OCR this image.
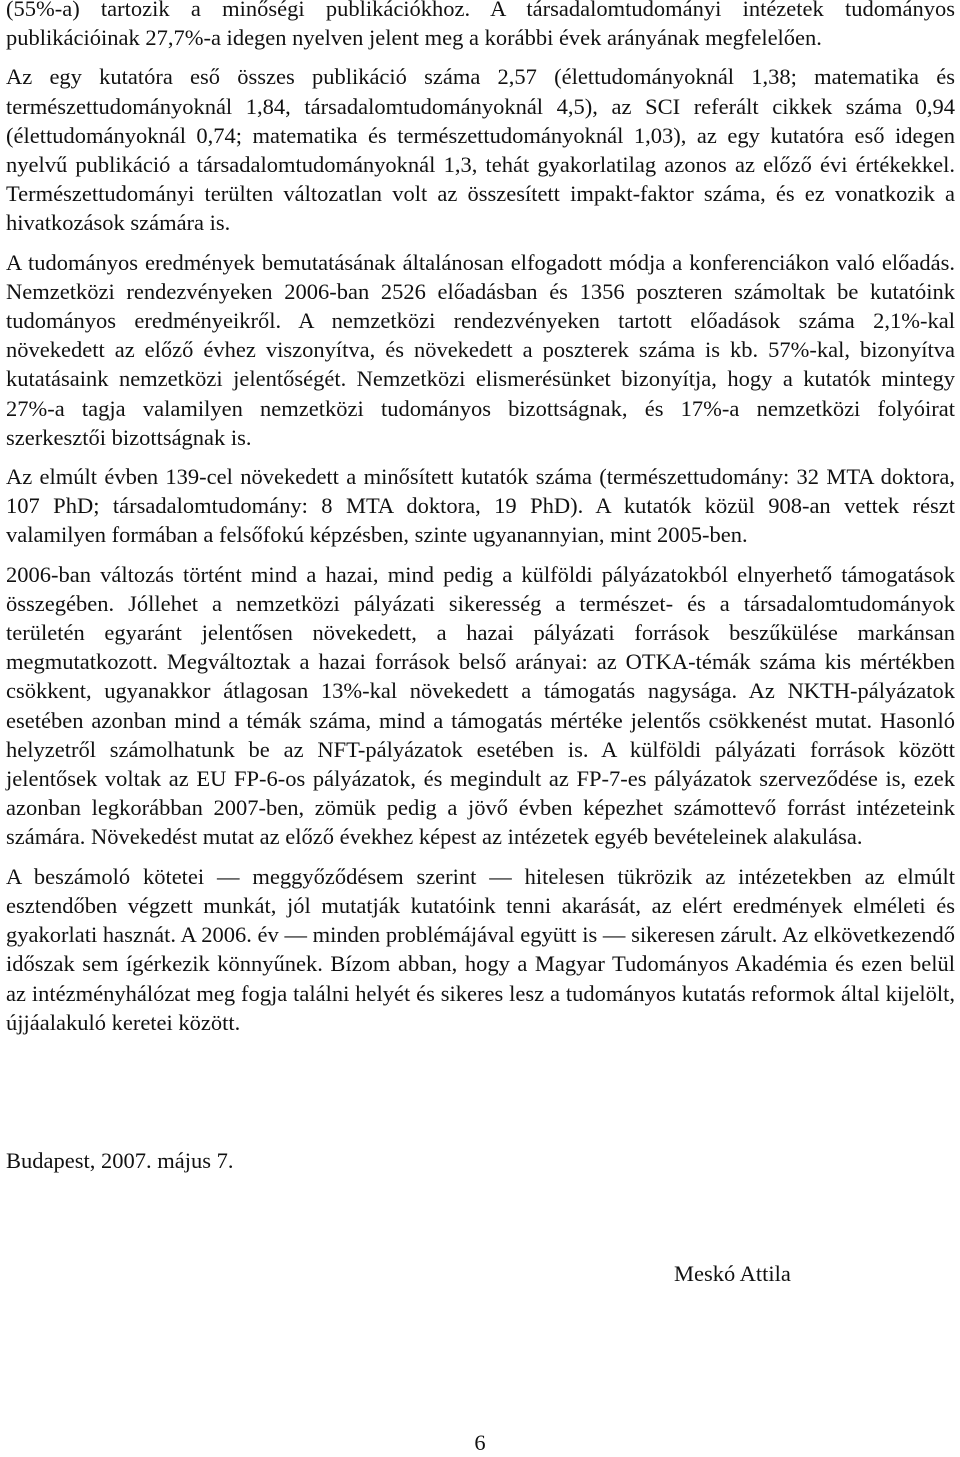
(55%-a) tartozik a minőségi publikációkhoz. A társadalomtudományi intézetek tudományos publikációinak 27,7%-a idegen nyelven jelent meg a korábbi évek arányának megfelelően.

Az egy kutatóra eső összes publikáció száma 2,57 (élettudományoknál 1,38; matematika és természettudományoknál 1,84, társadalomtudományoknál 4,5), az SCI referált cikkek száma 0,94 (élettudományoknál 0,74; matematika és természettudományoknál 1,03), az egy kutatóra eső idegen nyelvű publikáció a társadalomtudományoknál 1,3, tehát gyakorlatilag azonos az előző évi értékekkel. Természettudományi terülten változatlan volt az összesített impakt-faktor száma, és ez vonatkozik a hivatkozások számára is.

A tudományos eredmények bemutatásának általánosan elfogadott módja a konferenciákon való előadás. Nemzetközi rendezvényeken 2006-ban 2526 előadásban és 1356 poszteren számoltak be kutatóink tudományos eredményeikről. A nemzetközi rendezvényeken tartott előadások száma 2,1%-kal növekedett az előző évhez viszonyítva, és növekedett a poszterek száma is kb. 57%-kal, bizonyítva kutatásaink nemzetközi jelentőségét. Nemzetközi elismerésünket bizonyítja, hogy a kutatók mintegy 27%-a tagja valamilyen nemzetközi tudományos bizottságnak, és 17%-a nemzetközi folyóirat szerkesztői bizottságnak is.

Az elmúlt évben 139-cel növekedett a minősített kutatók száma (természettudomány: 32 MTA doktora, 107 PhD; társadalomtudomány: 8 MTA doktora, 19 PhD). A kutatók közül 908-an vettek részt valamilyen formában a felsőfokú képzésben, szinte ugyanannyian, mint 2005-ben.

2006-ban változás történt mind a hazai, mind pedig a külföldi pályázatokból elnyerhető támogatások összegében. Jóllehet a nemzetközi pályázati sikeresség a természet- és a társadalomtudományok területén egyaránt jelentősen növekedett, a hazai pályázati források beszűkülése markánsan megmutatkozott. Megváltoztak a hazai források belső arányai: az OTKA-témák száma kis mértékben csökkent, ugyanakkor átlagosan 13%-kal növekedett a támogatás nagysága. Az NKTH-pályázatok esetében azonban mind a témák száma, mind a támogatás mértéke jelentős csökkenést mutat. Hasonló helyzetről számolhatunk be az NFT-pályázatok esetében is. A külföldi pályázati források között jelentősek voltak az EU FP-6-os pályázatok, és megindult az FP-7-es pályázatok szerveződése is, ezek azonban legkorábban 2007-ben, zömük pedig a jövő évben képezhet számottevő forrást intézeteink számára. Növekedést mutat az előző évekhez képest az intézetek egyéb bevételeinek alakulása.

A beszámoló kötetei — meggyőződésem szerint — hitelesen tükrözik az intézetekben az elmúlt esztendőben végzett munkát, jól mutatják kutatóink tenni akarását, az elért eredmények elméleti és gyakorlati hasznát. A 2006. év — minden problémájával együtt is — sikeresen zárult. Az elkövetkezendő időszak sem ígérkezik könnyűnek. Bízom abban, hogy a Magyar Tudományos Akadémia és ezen belül az intézményhálózat meg fogja találni helyét és sikeres lesz a tudományos kutatás reformok által kijelölt, újjáalakuló keretei között.

Budapest, 2007. május 7.

Meskó Attila

6
